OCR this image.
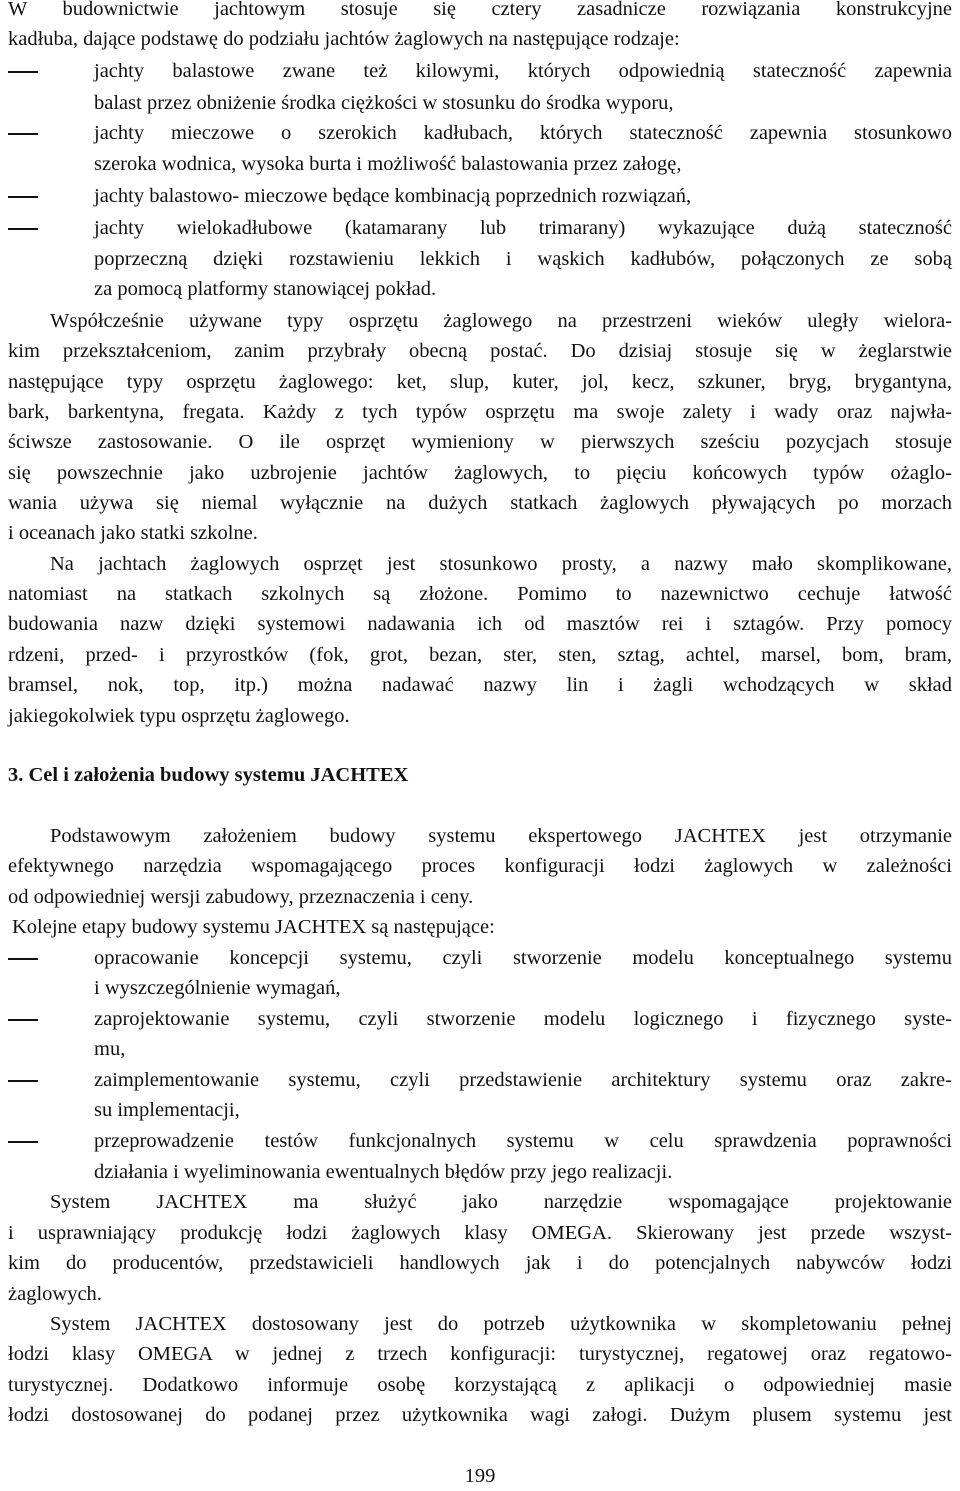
W budownictwie jachtowym stosuje się cztery zasadnicze rozwiązania konstrukcyjne
kadłuba, dające podstawę do podziału jachtów żaglowych na następujące rodzaje:
jachty balastowe zwane też kilowymi, których odpowiednią stateczność zapewnia
balast przez obniżenie środka ciężkości w stosunku do środka wyporu,
jachty mieczowe o szerokich kadłubach, których stateczność zapewnia stosunkowo
szeroka wodnica, wysoka burta i możliwość balastowania przez załogę,
jachty balastowo- mieczowe będące kombinacją poprzednich rozwiązań,
jachty wielokadłubowe (katamarany lub trimarany) wykazujące dużą stateczność
poprzeczną dzięki rozstawieniu lekkich i wąskich kadłubów, połączonych ze sobą
za pomocą platformy stanowiącej pokład.
Współcześnie używane typy osprzętu żaglowego na przestrzeni wieków uległy wielora-
kim przekształceniom, zanim przybrały obecną postać. Do dzisiaj stosuje się w żeglarstwie
następujące typy osprzętu żaglowego: ket, slup, kuter, jol, kecz, szkuner, bryg, brygantyna,
bark, barkentyna, fregata. Każdy z tych typów osprzętu ma swoje zalety i wady oraz najwła-
ściwsze zastosowanie. O ile osprzęt wymieniony w pierwszych sześciu pozycjach stosuje
się powszechnie jako uzbrojenie jachtów żaglowych, to pięciu końcowych typów ożaglo-
wania używa się niemal wyłącznie na dużych statkach żaglowych pływających po morzach
i oceanach jako statki szkolne.
Na jachtach żaglowych osprzęt jest stosunkowo prosty, a nazwy mało skomplikowane,
natomiast na statkach szkolnych są złożone. Pomimo to nazewnictwo cechuje łatwość
budowania nazw dzięki systemowi nadawania ich od masztów rei i sztagów. Przy pomocy
rdzeni, przed- i przyrostków (fok, grot, bezan, ster, sten, sztag, achtel, marsel, bom, bram,
bramsel, nok, top, itp.) można nadawać nazwy lin i żagli wchodzących w skład
jakiegokolwiek typu osprzętu żaglowego.
3. Cel i założenia budowy systemu JACHTEX
Podstawowym założeniem budowy systemu ekspertowego JACHTEX jest otrzymanie
efektywnego narzędzia wspomagającego proces konfiguracji łodzi żaglowych w zależności
od odpowiedniej wersji zabudowy, przeznaczenia i ceny.
Kolejne etapy budowy systemu JACHTEX są następujące:
opracowanie koncepcji systemu, czyli stworzenie modelu konceptualnego systemu
i wyszczególnienie wymagań,
zaprojektowanie systemu, czyli stworzenie modelu logicznego i fizycznego syste-
mu,
zaimplementowanie systemu, czyli przedstawienie architektury systemu oraz zakre-
su implementacji,
przeprowadzenie testów funkcjonalnych systemu w celu sprawdzenia poprawności
działania i wyeliminowania ewentualnych błędów przy jego realizacji.
System JACHTEX ma służyć jako narzędzie wspomagające projektowanie
i usprawniający produkcję łodzi żaglowych klasy OMEGA. Skierowany jest przede wszyst-
kim do producentów, przedstawicieli handlowych jak i do potencjalnych nabywców łodzi
żaglowych.
System JACHTEX dostosowany jest do potrzeb użytkownika w skompletowaniu pełnej
łodzi klasy OMEGA w jednej z trzech konfiguracji: turystycznej, regatowej oraz regatowo-
turystycznej. Dodatkowo informuje osobę korzystającą z aplikacji o odpowiedniej masie
łodzi dostosowanej do podanej przez użytkownika wagi załogi. Dużym plusem systemu jest
199
